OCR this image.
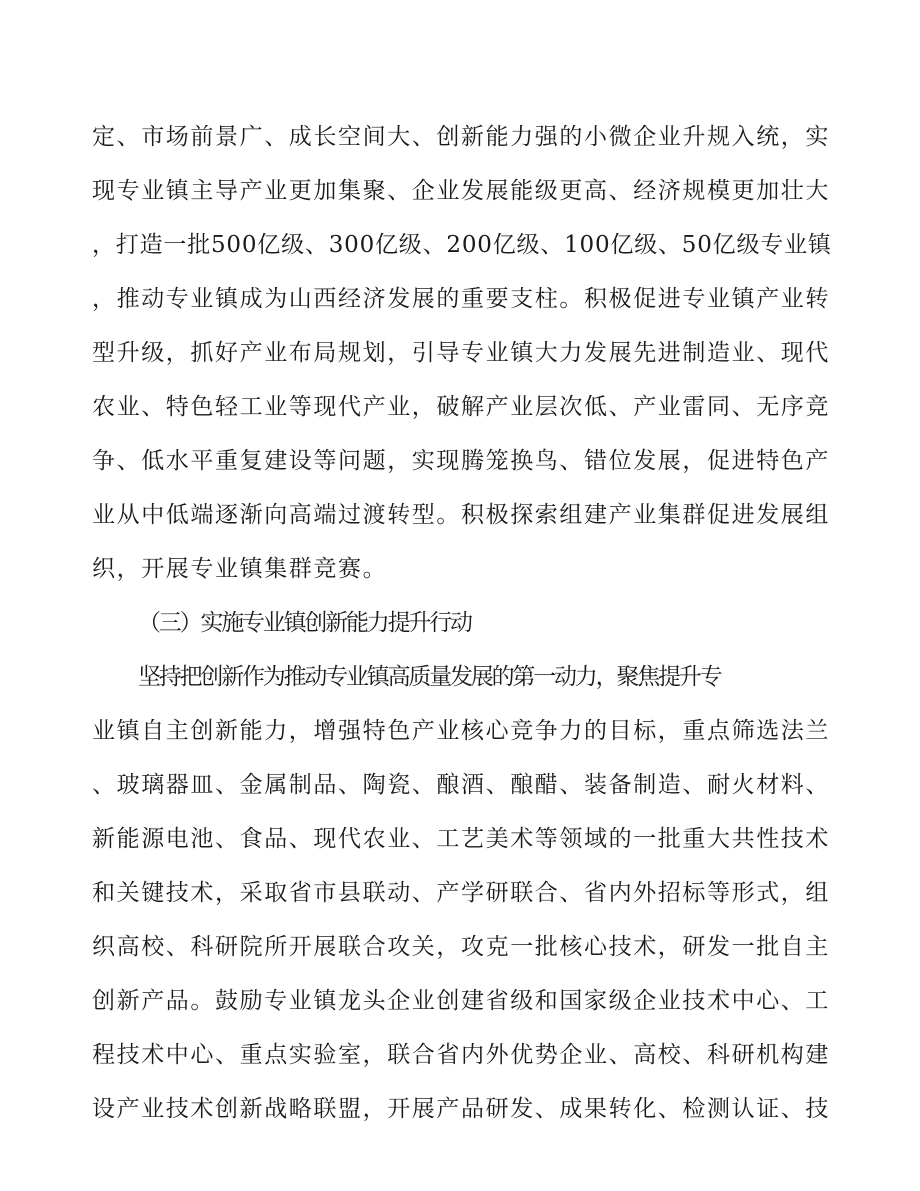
定、市场前景广、成长空间大、创新能力强的小微企业升规入统，实
现专业镇主导产业更加集聚、企业发展能级更高、经济规模更加壮大
，打造一批500亿级、300亿级、200亿级、100亿级、50亿级专业镇
，推动专业镇成为山西经济发展的重要支柱。积极促进专业镇产业转
型升级，抓好产业布局规划，引导专业镇大力发展先进制造业、现代
农业、特色轻工业等现代产业，破解产业层次低、产业雷同、无序竞
争、低水平重复建设等问题，实现腾笼换鸟、错位发展，促进特色产
业从中低端逐渐向高端过渡转型。积极探索组建产业集群促进发展组
织，开展专业镇集群竞赛。
（三）实施专业镇创新能力提升行动
坚持把创新作为推动专业镇高质量发展的第一动力，聚焦提升专
业镇自主创新能力，增强特色产业核心竞争力的目标，重点筛选法兰
、玻璃器皿、金属制品、陶瓷、酿酒、酿醋、装备制造、耐火材料、
新能源电池、食品、现代农业、工艺美术等领域的一批重大共性技术
和关键技术，采取省市县联动、产学研联合、省内外招标等形式，组
织高校、科研院所开展联合攻关，攻克一批核心技术，研发一批自主
创新产品。鼓励专业镇龙头企业创建省级和国家级企业技术中心、工
程技术中心、重点实验室，联合省内外优势企业、高校、科研机构建
设产业技术创新战略联盟，开展产品研发、成果转化、检测认证、技
